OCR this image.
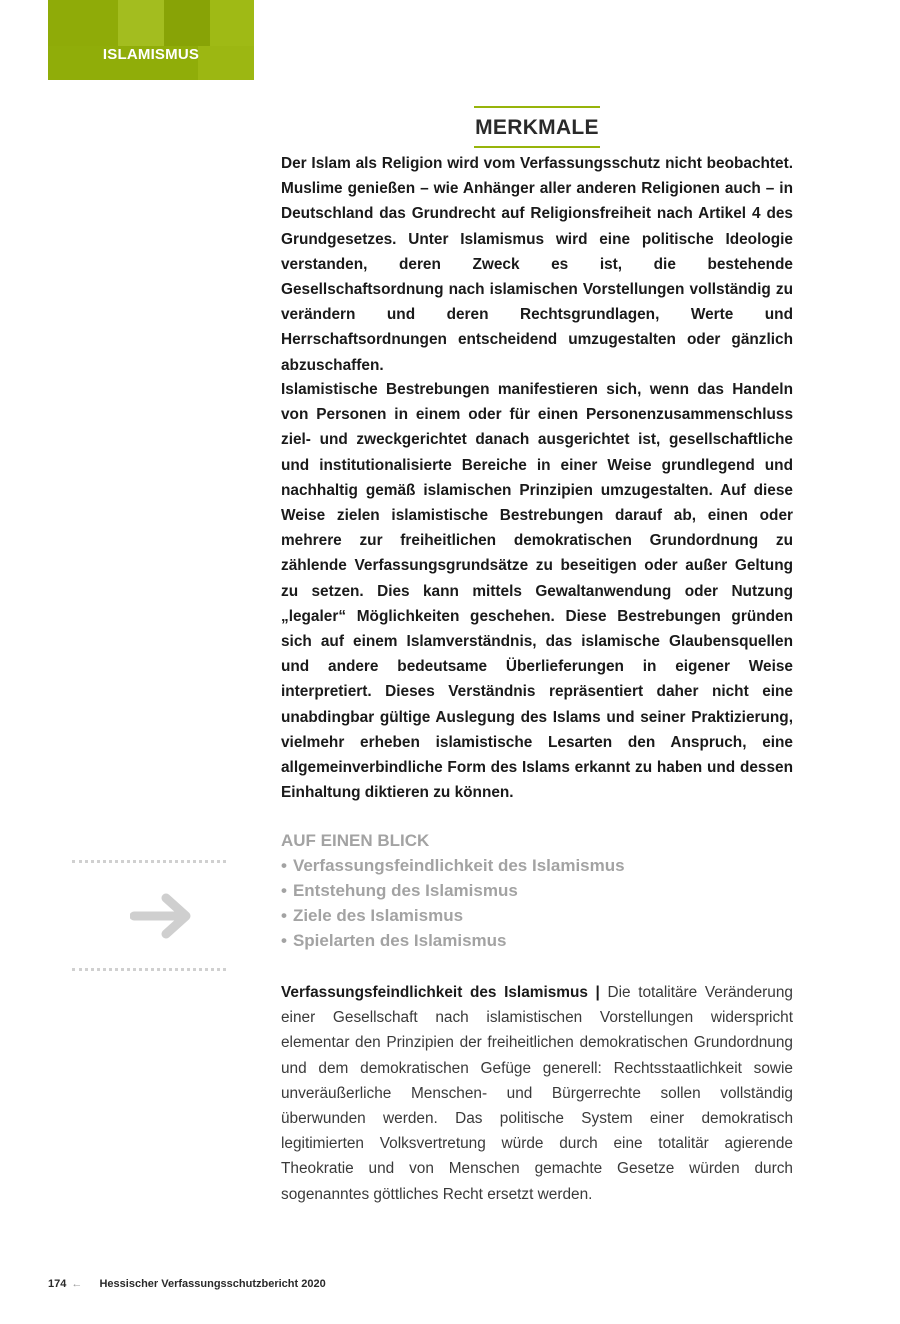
ISLAMISMUS
MERKMALE

Der Islam als Religion wird vom Verfassungsschutz nicht beobachtet. Muslime genießen – wie Anhänger aller anderen Religionen auch – in Deutschland das Grundrecht auf Religionsfreiheit nach Artikel 4 des Grundgesetzes. Unter Islamismus wird eine politische Ideologie verstanden, deren Zweck es ist, die bestehende Gesellschaftsordnung nach islamischen Vorstellungen vollständig zu verändern und deren Rechtsgrundlagen, Werte und Herrschaftsordnungen entscheidend umzugestalten oder gänzlich abzuschaffen.

Islamistische Bestrebungen manifestieren sich, wenn das Handeln von Personen in einem oder für einen Personenzusammenschluss ziel- und zweckgerichtet danach ausgerichtet ist, gesellschaftliche und institutionalisierte Bereiche in einer Weise grundlegend und nachhaltig gemäß islamischen Prinzipien umzugestalten. Auf diese Weise zielen islamistische Bestrebungen darauf ab, einen oder mehrere zur freiheitlichen demokratischen Grundordnung zu zählende Verfassungsgrundsätze zu beseitigen oder außer Geltung zu setzen. Dies kann mittels Gewaltanwendung oder Nutzung „legaler“ Möglichkeiten geschehen. Diese Bestrebungen gründen sich auf einem Islamverständnis, das islamische Glaubensquellen und andere bedeutsame Überlieferungen in eigener Weise interpretiert. Dieses Verständnis repräsentiert daher nicht eine unabdingbar gültige Auslegung des Islams und seiner Praktizierung, vielmehr erheben islamistische Lesarten den Anspruch, eine allgemeinverbindliche Form des Islams erkannt zu haben und dessen Einhaltung diktieren zu können.

AUF EINEN BLICK
• Verfassungsfeindlichkeit des Islamismus
• Entstehung des Islamismus
• Ziele des Islamismus
• Spielarten des Islamismus

Verfassungsfeindlichkeit des Islamismus | Die totalitäre Veränderung einer Gesellschaft nach islamistischen Vorstellungen widerspricht elementar den Prinzipien der freiheitlichen demokratischen Grundordnung und dem demokratischen Gefüge generell: Rechtsstaatlichkeit sowie unveräußerliche Menschen- und Bürgerrechte sollen vollständig überwunden werden. Das politische System einer demokratisch legitimierten Volksvertretung würde durch eine totalitär agierende Theokratie und von Menschen gemachte Gesetze würden durch sogenanntes göttliches Recht ersetzt werden.

174 ← Hessischer Verfassungsschutzbericht 2020
